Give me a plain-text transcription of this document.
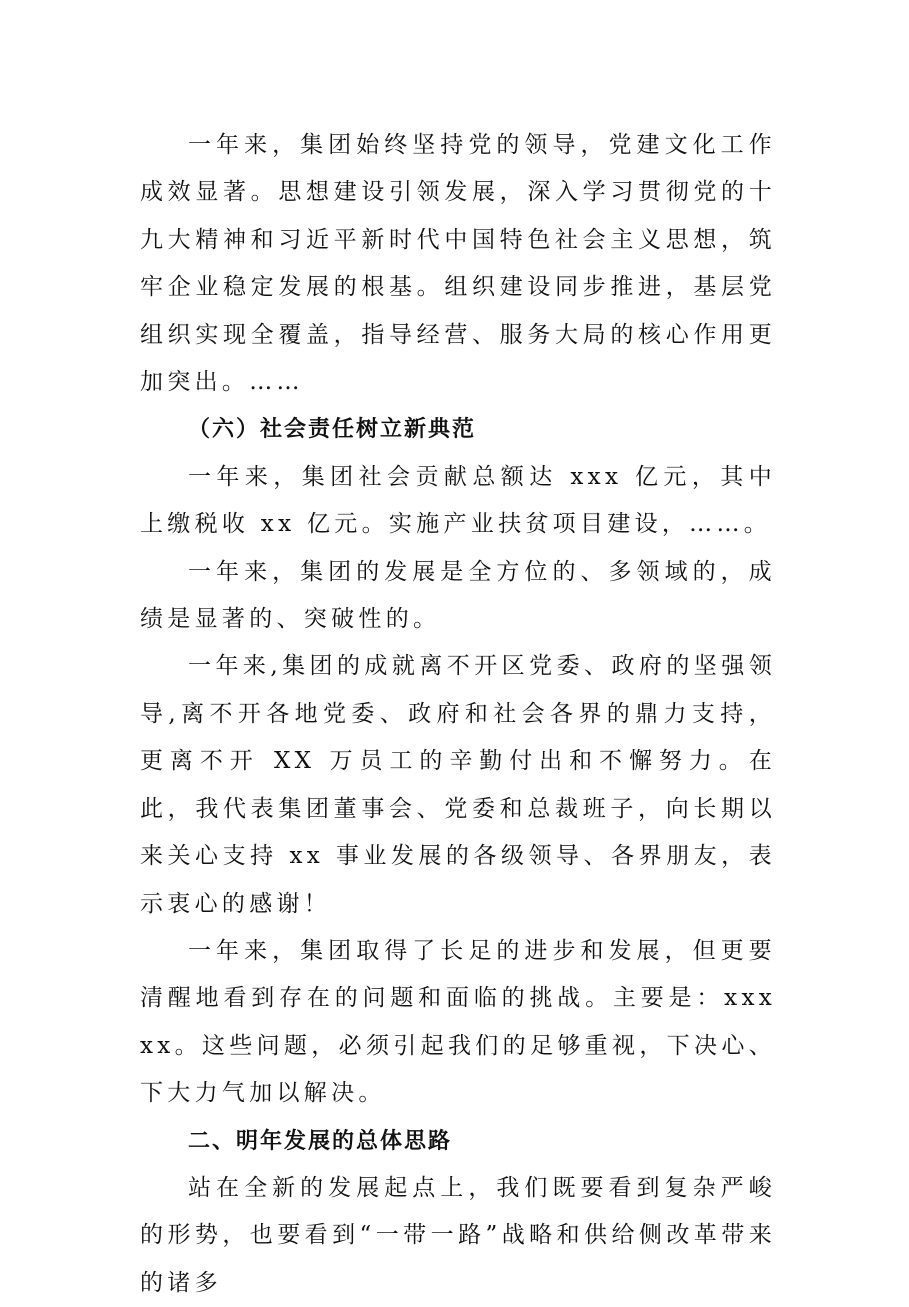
一年来，集团始终坚持党的领导，党建文化工作成效显著。思想建设引领发展，深入学习贯彻党的十九大精神和习近平新时代中国特色社会主义思想，筑牢企业稳定发展的根基。组织建设同步推进，基层党组织实现全覆盖，指导经营、服务大局的核心作用更加突出。……

（六）社会责任树立新典范

一年来，集团社会贡献总额达 xxx 亿元，其中上缴税收 xx 亿元。实施产业扶贫项目建设，……。

一年来，集团的发展是全方位的、多领域的，成绩是显著的、突破性的。

一年来,集团的成就离不开区党委、政府的坚强领导,离不开各地党委、政府和社会各界的鼎力支持，更离不开 XX 万员工的辛勤付出和不懈努力。在此，我代表集团董事会、党委和总裁班子，向长期以来关心支持 xx 事业发展的各级领导、各界朋友，表示衷心的感谢！

一年来，集团取得了长足的进步和发展，但更要清醒地看到存在的问题和面临的挑战。主要是：xxxxx。这些问题，必须引起我们的足够重视，下决心、下大力气加以解决。

二、明年发展的总体思路

站在全新的发展起点上，我们既要看到复杂严峻的形势，也要看到“一带一路”战略和供给侧改革带来的诸多
